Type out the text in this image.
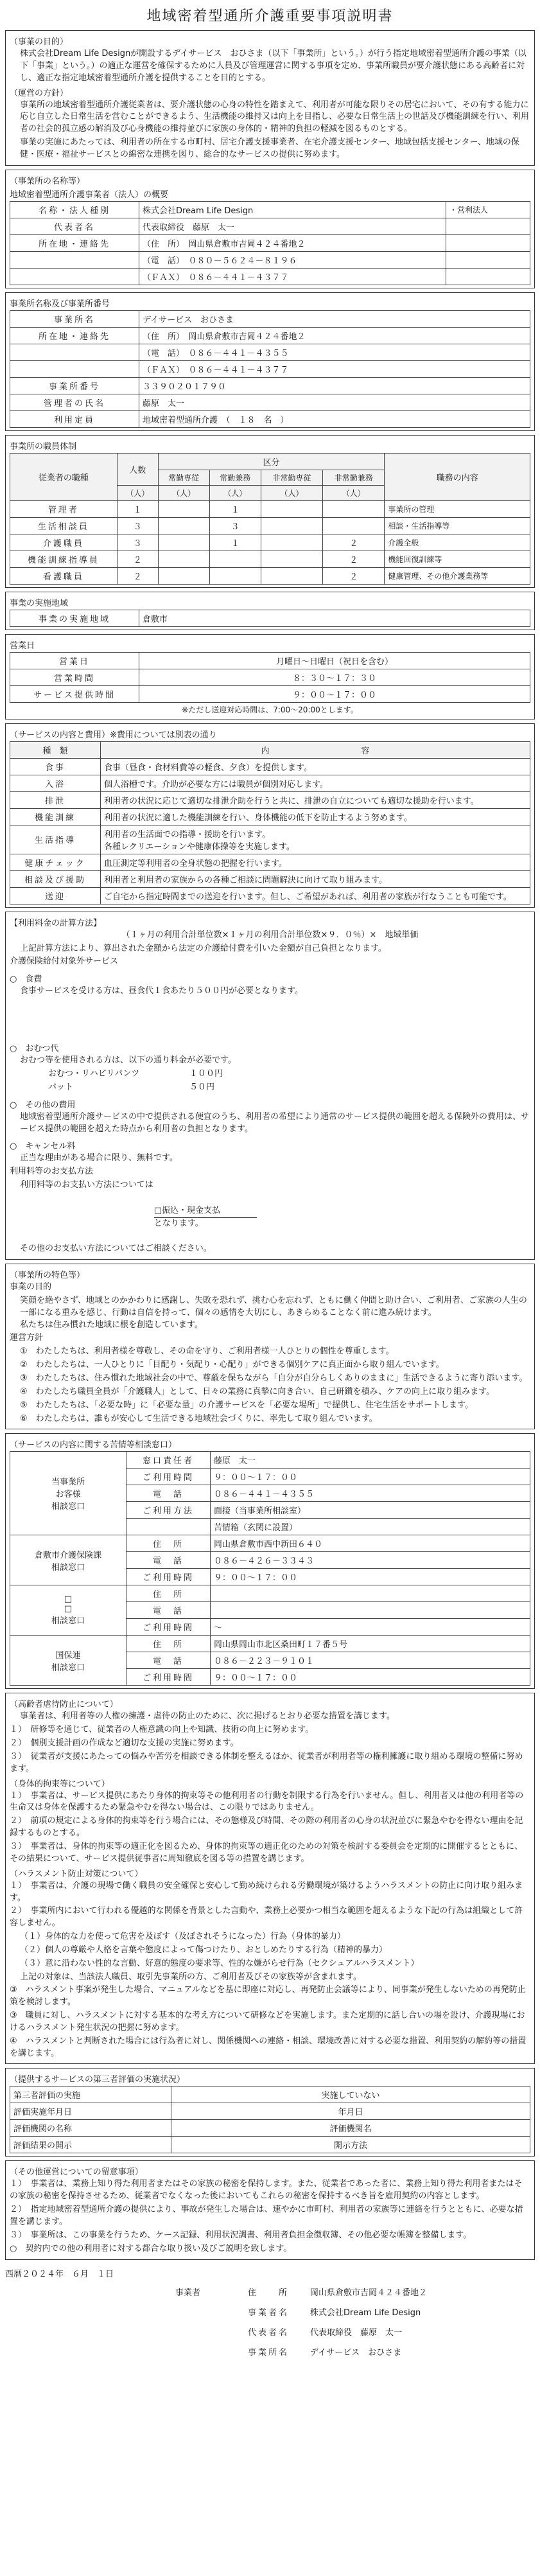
地域密着型通所介護重要事項説明書
（事業の目的）
株式会社Dream Life Designが開設するデイサービス　おひさま（以下「事業所」という。）が行う指定地域密着型通所介護の事業（以下「事業」という。）の適正な運営を確保するために人員及び管理運営に関する事項を定め、事業所職員が要介護状態にある高齢者に対し、適正な指定地域密着型通所介護を提供することを目的とする。
（運営の方針）
事業所の地域密着型通所介護従業者は、要介護状態の心身の特性を踏まえて、利用者が可能な限りその居宅において、その有する能力に応じ自立した日常生活を営むことができるよう、生活機能の維持又は向上を目指し、必要な日常生活上の世話及び機能訓練を行い、利用者の社会的孤立感の解消及び心身機能の維持並びに家族の身体的・精神的負担の軽減を図るものとする。
事業の実施にあたっては、利用者の所在する市町村、居宅介護支援事業者、在宅介護支援センター、地域包括支援センター、地域の保健・医療・福祉サービスとの綿密な連携を図り、総合的なサービスの提供に努めます。
（事業所の名称等）
地域密着型通所介護事業者（法人）の概要
名称・法人種別	株式会社Dream Life Design	・営利法人
代表者名	代表取締役　藤原　太一	
所在地・連絡先	（住　所）　岡山県倉敷市吉岡４２４番地２	
	（電　話）　０８０－５６２４－８１９６	
	（ＦＡＸ）　０８６－４４１－４３７７	
事業所名称及び事業所番号
事業所名	デイサービス　おひさま
所在地・連絡先	（住　所）　岡山県倉敷市吉岡４２４番地２
	（電　話）　０８６－４４１－４３５５
	（ＦＡＸ）　０８６－４４１－４３７７
事業所番号	３３９０２０１７９０
管理者の氏名	藤原　太一
利用定員	地域密着型通所介護　（　１８　名　）
事業所の職員体制
従業者の職種	人数	区分				職務の内容
		常勤専従	常勤兼務	非常勤専従	非常勤兼務	
	（人）	（人）	（人）	（人）	（人）	
管理者	１		１			事業所の管理
生活相談員	３		３			相談・生活指導等
介護職員	３		１		２	介護全般
機能訓練指導員	２				２	機能回復訓練等
看護職員	２				２	健康管理、その他介護業務等
事業の実施地域
事業の実施地域	倉敷市
営業日
営業日	月曜日～日曜日（祝日を含む）
営業時間	８：３０～１７：３０
サービス提供時間	９：００～１７：００
※ただし送迎対応時間は、7:00～20:00とします。
（サービスの内容と費用）※費用については別表の通り
種　類	内　　　　　　　　　　　容
食事	食事（昼食・食材料費等の軽食、夕食）を提供します。
入浴	個人浴槽です。介助が必要な方には職員が個別対応します。
排泄	利用者の状況に応じて適切な排泄介助を行うと共に、排泄の自立についても適切な援助を行います。
機能訓練	利用者の状況に適した機能訓練を行い、身体機能の低下を防止するよう努めます。
生活指導	利用者の生活面での指導・援助を行います。
各種レクリエーションや健康体操等を実施します。
健康チェック	血圧測定等利用者の全身状態の把握を行います。
相談及び援助	利用者と利用者の家族からの各種ご相談に問題解決に向けて取り組みます。
送迎	ご自宅から指定時間までの送迎を行います。但し、ご希望があれば、利用者の家族が行なうことも可能です。
【利用料金の計算方法】
（１ヶ月の利用合計単位数×１ヶ月の利用合計単位数×９．０％）×　地域単価
上記計算方法により、算出された金額から法定の介護給付費を引いた金額が自己負担となります。
介護保険給付対象外サービス
○　食費
食事サービスを受ける方は、昼食代１食あたり５００円が必要となります。
○　おむつ代
おむつ等を使用される方は、以下の通り料金が必要です。
おむつ・リハビリパンツ	１００円
パット	５０円
○　その他の費用
地域密着型通所介護サービスの中で提供される便宜のうち、利用者の希望により通常のサービス提供の範囲を超える保険外の費用は、サービス提供の範囲を超えた時点から利用者の負担となります。
○　キャンセル料
正当な理由がある場合に限り、無料です。
利用料等のお支払方法
利用料等のお支払い方法については

□振込・現金支払
となります。

その他のお支払い方法についてはご相談ください。
（事業所の特色等）
事業の目的
笑顔を絶やさず、地域とのかかわりに感謝し、失敗を恐れず、挑む心を忘れず、ともに働く仲間と助け合い、ご利用者、ご家族の人生の一部になる重みを感じ、行動は自信を持って、個々の感情を大切にし、あきらめることなく前に進み続けます。
私たちは住み慣れた地域に根を創造しています。
運営方針
①　わたしたちは、利用者様を尊敬し、その命を守り、ご利用者様一人ひとりの個性を尊重します。
②　わたしたちは、一人ひとりに「目配り・気配り・心配り」ができる個別ケアに真正面から取り組んでいます。
③　わたしたちは、住み慣れた地域社会の中で、尊厳を保ちながら「自分が自分らしくありのままに」生活できるように寄り添います。
④　わたしたち職員全員が「介護職人」として、日々の業務に真摯に向き合い、自己研鑽を積み、ケアの向上に取り組みます。
⑤　わたしたちは、「必要な時」に「必要な量」の介護サービスを「必要な場所」で提供し、住宅生活をサポートします。
⑥　わたしたちは、誰もが安心して生活できる地域社会づくりに、率先して取り組んでいます。
（サービスの内容に関する苦情等相談窓口）
当事業所
お客様
相談窓口	窓口責任者	藤原　太一
	ご利用時間	９：００～１７：００
	電　話	０８６－４４１－４３５５
	ご利用方法	面接（当事業所相談室）
		苦情箱（玄関に設置）
倉敷市介護保険課
相談窓口	住　所	岡山県倉敷市西中新田６４０
	電　話	０８６－４２６－３３４３
	ご利用時間	９：００～１７：００
□
□
相談窓口	住　所	
	電　話	
	ご利用時間	～
国保連
相談窓口	住　所	岡山県岡山市北区桑田町１７番５号
	電　話	０８６－２２３－９１０１
	ご利用時間	９：００～１７：００
（高齢者虐待防止について）
事業者は、利用者等の人権の擁護・虐待の防止のために、次に掲げるとおり必要な措置を講じます。
１）　研修等を通じて、従業者の人権意識の向上や知識、技術の向上に努めます。
２）　個別支援計画の作成など適切な支援の実施に努めます。
３）　従業者が支援にあたっての悩みや苦労を相談できる体制を整えるほか、従業者が利用者等の権利擁護に取り組める環境の整備に努めます。
（身体的拘束等について）
１）　事業者は、サービス提供にあたり身体的拘束等その他利用者の行動を制限する行為を行いません。但し、利用者又は他の利用者等の生命又は身体を保護するため緊急やむを得ない場合は、この限りではありません。
２）　前項の規定による身体的拘束等を行う場合には、その態様及び時間、その際の利用者の心身の状況並びに緊急やむを得ない理由を記録するものとする。
３）　事業者は、身体的拘束等の適正化を図るため、身体的拘束等の適正化のための対策を検討する委員会を定期的に開催するとともに、その結果について、サービス提供従事者に周知徹底を図る等の措置を講じます。
（ハラスメント防止対策について）
１）　事業者は、介護の現場で働く職員の安全確保と安心して勤め続けられる労働環境が築けるようハラスメントの防止に向け取り組みます。
２）　事業所内において行われる優越的な関係を背景とした言動や、業務上必要かつ相当な範囲を超えるような下記の行為は組織として許容しません。
（１）身体的な力を使って危害を及ぼす（及ぼされそうになった）行為（身体的暴力）
（２）個人の尊厳や人格を言葉や態度によって傷つけたり、おとしめたりする行為（精神的暴力）
（３）意に沿わない性的な言動、好意的態度の要求等、性的な嫌がらせ行為（セクシュアルハラスメント）
上記の対象は、当該法人職員、取引先事業所の方、ご利用者及びその家族等が含まれます。
③　ハラスメント事案が発生した場合、マニュアルなどを基に即座に対応し、再発防止会議等により、同事業が発生しないための再発防止策を検討します。
③　職員に対し、ハラスメントに対する基本的な考え方について研修などを実施します。また定期的に話し合いの場を設け、介護現場におけるハラスメント発生状況の把握に努めます。
④　ハラスメントと判断された場合には行為者に対し、関係機関への連絡・相談、環境改善に対する必要な措置、利用契約の解約等の措置を講じます。
（提供するサービスの第三者評価の実施状況）
第三者評価の実施	実施していない
評価実施年月日	年月日
評価機関の名称	評価機関名
評価結果の開示	開示方法
（その他運営についての留意事項）
１）　事業者は、業務上知り得た利用者またはその家族の秘密を保持します。また、従業者であった者に、業務上知り得た利用者またはその家族の秘密を保持させるため、従業者でなくなった後においてもこれらの秘密を保持するべき旨を雇用契約の内容とします。
２）　指定地域密着型通所介護の提供により、事故が発生した場合は、速やかに市町村、利用者の家族等に連絡を行うとともに、必要な措置を講じます。
３）　事業所は、この事業を行うため、ケース記録、利用状況調書、利用者負担金徴収簿、その他必要な帳簿を整備します。
○　契約内での他の利用者に対する都合な取り扱い及びご説明を致します。
西暦２０２４年　６月　１日
事業者	住　　所	岡山県倉敷市吉岡４２４番地２
	事業者名	株式会社Dream Life Design
	代表者名	代表取締役　藤原　太一
	事業所名	デイサービス　おひさま
